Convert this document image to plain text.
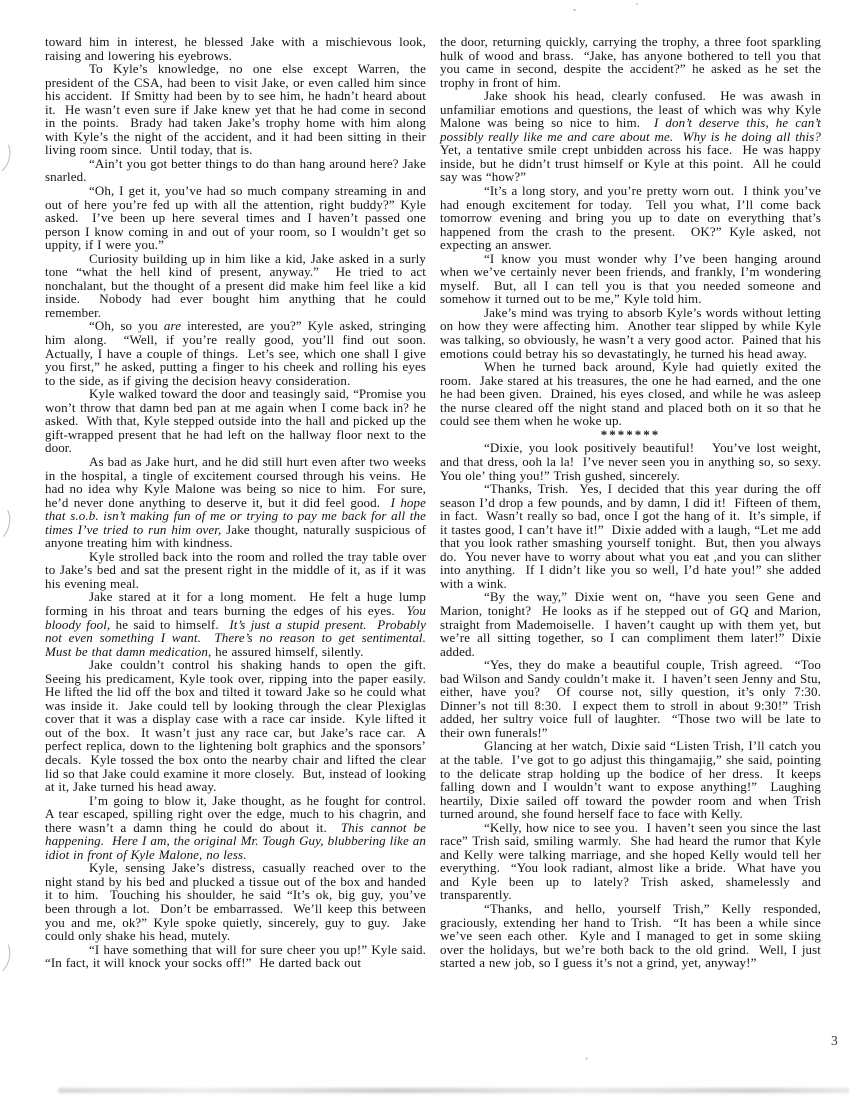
toward him in interest, he blessed Jake with a mischievous look, raising and lowering his eyebrows.

To Kyle’s knowledge, no one else except Warren, the president of the CSA, had been to visit Jake, or even called him since his accident.  If Smitty had been by to see him, he hadn’t heard about it.  He wasn’t even sure if Jake knew yet that he had come in second in the points.  Brady had taken Jake’s trophy home with him along with Kyle’s the night of the accident, and it had been sitting in their living room since.  Until today, that is.

“Ain’t you got better things to do than hang around here? Jake snarled.

“Oh, I get it, you’ve had so much company streaming in and out of here you’re fed up with all the attention, right buddy?” Kyle asked.  I’ve been up here several times and I haven’t passed one person I know coming in and out of your room, so I wouldn’t get so uppity, if I were you.”

Curiosity building up in him like a kid, Jake asked in a surly tone “what the hell kind of present, anyway.”  He tried to act nonchalant, but the thought of a present did make him feel like a kid inside.  Nobody had ever bought him anything that he could remember.

“Oh, so you are interested, are you?” Kyle asked, stringing him along.  “Well, if you’re really good, you’ll find out soon.  Actually, I have a couple of things.  Let’s see, which one shall I give you first,” he asked, putting a finger to his cheek and rolling his eyes to the side, as if giving the decision heavy consideration.

Kyle walked toward the door and teasingly said, “Promise you won’t throw that damn bed pan at me again when I come back in? he asked.  With that, Kyle stepped outside into the hall and picked up the gift-wrapped present that he had left on the hallway floor next to the door.

As bad as Jake hurt, and he did still hurt even after two weeks in the hospital, a tingle of excitement coursed through his veins.  He had no idea why Kyle Malone was being so nice to him.  For sure, he’d never done anything to deserve it, but it did feel good.  I hope that s.o.b. isn’t making fun of me or trying to pay me back for all the times I’ve tried to run him over, Jake thought, naturally suspicious of anyone treating him with kindness.

Kyle strolled back into the room and rolled the tray table over to Jake’s bed and sat the present right in the middle of it, as if it was his evening meal.

Jake stared at it for a long moment.  He felt a huge lump forming in his throat and tears burning the edges of his eyes.  You bloody fool, he said to himself.  It’s just a stupid present.  Probably not even something I want.  There’s no reason to get sentimental.  Must be that damn medication, he assured himself, silently.

Jake couldn’t control his shaking hands to open the gift.  Seeing his predicament, Kyle took over, ripping into the paper easily.  He lifted the lid off the box and tilted it toward Jake so he could what was inside it.  Jake could tell by looking through the clear Plexiglas cover that it was a display case with a race car inside.  Kyle lifted it out of the box.  It wasn’t just any race car, but Jake’s race car.  A perfect replica, down to the lightening bolt graphics and the sponsors’ decals.  Kyle tossed the box onto the nearby chair and lifted the clear lid so that Jake could examine it more closely.  But, instead of looking at it, Jake turned his head away.

I’m going to blow it, Jake thought, as he fought for control.  A tear escaped, spilling right over the edge, much to his chagrin, and there wasn’t a damn thing he could do about it.  This cannot be happening.  Here I am, the original Mr. Tough Guy, blubbering like an idiot in front of Kyle Malone, no less.

Kyle, sensing Jake’s distress, casually reached over to the night stand by his bed and plucked a tissue out of the box and handed it to him.  Touching his shoulder, he said “It’s ok, big guy, you’ve been through a lot.  Don’t be embarrassed.  We’ll keep this between you and me, ok?” Kyle spoke quietly, sincerely, guy to guy.  Jake could only shake his head, mutely.

“I have something that will for sure cheer you up!” Kyle said.  “In fact, it will knock your socks off!”  He darted back out

the door, returning quickly, carrying the trophy, a three foot sparkling hulk of wood and brass.  “Jake, has anyone bothered to tell you that you came in second, despite the accident?” he asked as he set the trophy in front of him.

Jake shook his head, clearly confused.  He was awash in unfamiliar emotions and questions, the least of which was why Kyle Malone was being so nice to him.  I don’t deserve this, he can’t possibly really like me and care about me.  Why is he doing all this?  Yet, a tentative smile crept unbidden across his face.  He was happy inside, but he didn’t trust himself or Kyle at this point.  All he could say was “how?”

“It’s a long story, and you’re pretty worn out.  I think you’ve had enough excitement for today.  Tell you what, I’ll come back tomorrow evening and bring you up to date on everything that’s happened from the crash to the present.  OK?” Kyle asked, not expecting an answer.

“I know you must wonder why I’ve been hanging around when we’ve certainly never been friends, and frankly, I’m wondering myself.  But, all I can tell you is that you needed someone and somehow it turned out to be me,” Kyle told him.

Jake’s mind was trying to absorb Kyle’s words without letting on how they were affecting him.  Another tear slipped by while Kyle was talking, so obviously, he wasn’t a very good actor.  Pained that his emotions could betray his so devastatingly, he turned his head away.

When he turned back around, Kyle had quietly exited the room.  Jake stared at his treasures, the one he had earned, and the one he had been given.  Drained, his eyes closed, and while he was asleep the nurse cleared off the night stand and placed both on it so that he could see them when he woke up.

*******

“Dixie, you look positively beautiful!   You’ve lost weight, and that dress, ooh la la!  I’ve never seen you in anything so, so sexy.  You ole’ thing you!” Trish gushed, sincerely.

“Thanks, Trish.  Yes, I decided that this year during the off season I’d drop a few pounds, and by damn, I did it!  Fifteen of them, in fact.  Wasn’t really so bad, once I got the hang of it.  It’s simple, if it tastes good, I can’t have it!”  Dixie added with a laugh, “Let me add that you look rather smashing yourself tonight.  But, then you always do.  You never have to worry about what you eat ,and you can slither into anything.  If I didn’t like you so well, I’d hate you!” she added with a wink.

“By the way,” Dixie went on, “have you seen Gene and Marion, tonight?  He looks as if he stepped out of GQ and Marion, straight from Mademoiselle.  I haven’t caught up with them yet, but we’re all sitting together, so I can compliment them later!” Dixie added.

“Yes, they do make a beautiful couple, Trish agreed.  “Too bad Wilson and Sandy couldn’t make it.  I haven’t seen Jenny and Stu, either, have you?  Of course not, silly question, it’s only 7:30.  Dinner’s not till 8:30.  I expect them to stroll in about 9:30!” Trish added, her sultry voice full of laughter.  “Those two will be late to their own funerals!”

Glancing at her watch, Dixie said “Listen Trish, I’ll catch you at the table.  I’ve got to go adjust this thingamajig,” she said, pointing to the delicate strap holding up the bodice of her dress.  It keeps falling down and I wouldn’t want to expose anything!”  Laughing heartily, Dixie sailed off toward the powder room and when Trish turned around, she found herself face to face with Kelly.

“Kelly, how nice to see you.  I haven’t seen you since the last race” Trish said, smiling warmly.  She had heard the rumor that Kyle and Kelly were talking marriage, and she hoped Kelly would tell her everything.  “You look radiant, almost like a bride.  What have you and Kyle been up to lately? Trish asked, shamelessly and transparently.

“Thanks, and hello, yourself Trish,” Kelly responded, graciously, extending her hand to Trish.  “It has been a while since we’ve seen each other.  Kyle and I managed to get in some skiing over the holidays, but we’re both back to the old grind.  Well, I just started a new job, so I guess it’s not a grind, yet, anyway!”

3
